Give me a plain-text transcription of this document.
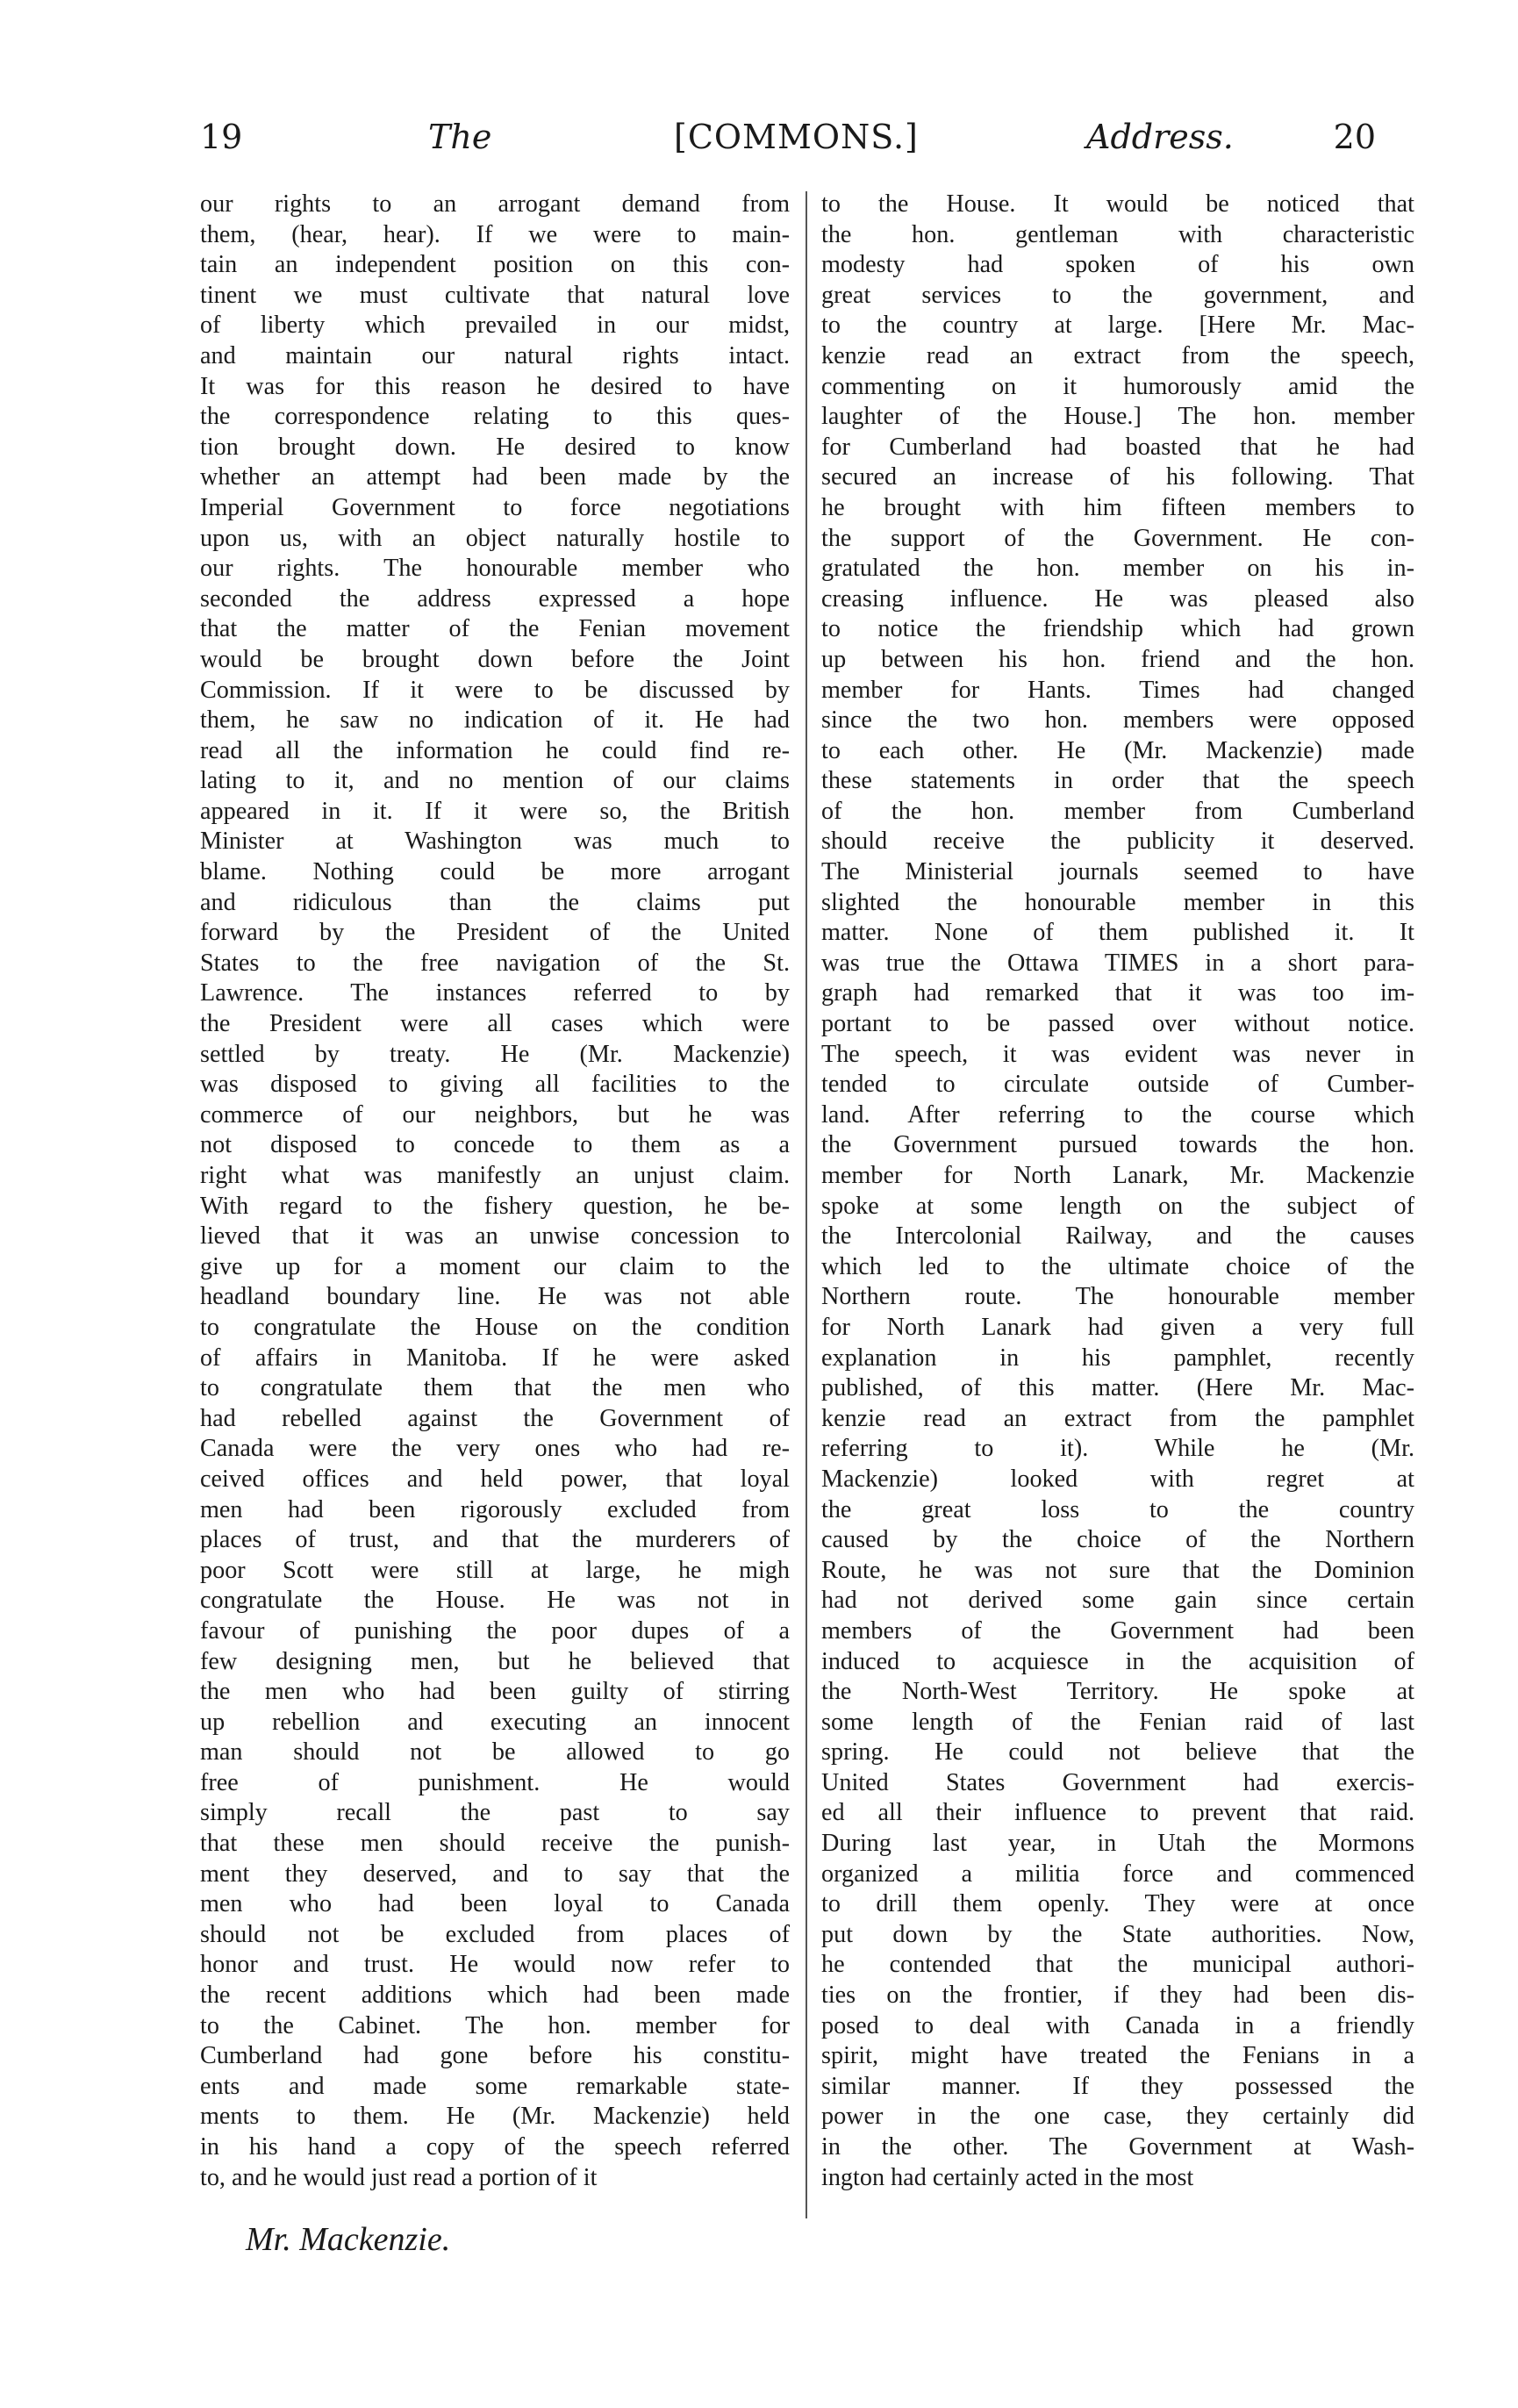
19	The	[COMMONS.]	Address.	20
our rights to an arrogant demand from
them, (hear, hear). If we were to main-
tain an independent position on this con-
tinent we must cultivate that natural love
of liberty which prevailed in our midst,
and maintain our natural rights intact.
It was for this reason he desired to have
the correspondence relating to this ques-
tion brought down. He desired to know
whether an attempt had been made by the
Imperial Government to force negotiations
upon us, with an object naturally hostile to
our rights. The honourable member who
seconded the address expressed a hope
that the matter of the Fenian movement
would be brought down before the Joint
Commission. If it were to be discussed by
them, he saw no indication of it. He had
read all the information he could find re-
lating to it, and no mention of our claims
appeared in it. If it were so, the British
Minister at Washington was much to
blame. Nothing could be more arrogant
and ridiculous than the claims put
forward by the President of the United
States to the free navigation of the St.
Lawrence. The instances referred to by
the President were all cases which were
settled by treaty. He (Mr. Mackenzie)
was disposed to giving all facilities to the
commerce of our neighbors, but he was
not disposed to concede to them as a
right what was manifestly an unjust claim.
With regard to the fishery question, he be-
lieved that it was an unwise concession to
give up for a moment our claim to the
headland boundary line. He was not able
to congratulate the House on the condition
of affairs in Manitoba. If he were asked
to congratulate them that the men who
had rebelled against the Government of
Canada were the very ones who had re-
ceived offices and held power, that loyal
men had been rigorously excluded from
places of trust, and that the murderers of
poor Scott were still at large, he migh
congratulate the House. He was not in
favour of punishing the poor dupes of a
few designing men, but he believed that
the men who had been guilty of stirring
up rebellion and executing an innocent
man should not be allowed to go
free of punishment. He would
simply recall the past to say
that these men should receive the punish-
ment they deserved, and to say that the
men who had been loyal to Canada
should not be excluded from places of
honor and trust. He would now refer to
the recent additions which had been made
to the Cabinet. The hon. member for
Cumberland had gone before his constitu-
ents and made some remarkable state-
ments to them. He (Mr. Mackenzie) held
in his hand a copy of the speech referred
to, and he would just read a portion of it
to the House. It would be noticed that
the hon. gentleman with characteristic
modesty had spoken of his own
great services to the government, and
to the country at large. [Here Mr. Mac-
kenzie read an extract from the speech,
commenting on it humorously amid the
laughter of the House.] The hon. member
for Cumberland had boasted that he had
secured an increase of his following. That
he brought with him fifteen members to
the support of the Government. He con-
gratulated the hon. member on his in-
creasing influence. He was pleased also
to notice the friendship which had grown
up between his hon. friend and the hon.
member for Hants. Times had changed
since the two hon. members were opposed
to each other. He (Mr. Mackenzie) made
these statements in order that the speech
of the hon. member from Cumberland
should receive the publicity it deserved.
The Ministerial journals seemed to have
slighted the honourable member in this
matter. None of them published it. It
was true the Ottawa TIMES in a short para-
graph had remarked that it was too im-
portant to be passed over without notice.
The speech, it was evident was never in
tended to circulate outside of Cumber-
land. After referring to the course which
the Government pursued towards the hon.
member for North Lanark, Mr. Mackenzie
spoke at some length on the subject of
the Intercolonial Railway, and the causes
which led to the ultimate choice of the
Northern route. The honourable member
for North Lanark had given a very full
explanation in his pamphlet, recently
published, of this matter. (Here Mr. Mac-
kenzie read an extract from the pamphlet
referring to it). While he (Mr.
Mackenzie) looked with regret at
the great loss to the country
caused by the choice of the Northern
Route, he was not sure that the Dominion
had not derived some gain since certain
members of the Government had been
induced to acquiesce in the acquisition of
the North-West Territory. He spoke at
some length of the Fenian raid of last
spring. He could not believe that the
United States Government had exercis-
ed all their influence to prevent that raid.
During last year, in Utah the Mormons
organized a militia force and commenced
to drill them openly. They were at once
put down by the State authorities. Now,
he contended that the municipal authori-
ties on the frontier, if they had been dis-
posed to deal with Canada in a friendly
spirit, might have treated the Fenians in a
similar manner. If they possessed the
power in the one case, they certainly did
in the other. The Government at Wash-
ington had certainly acted in the most
Mr. Mackenzie.
